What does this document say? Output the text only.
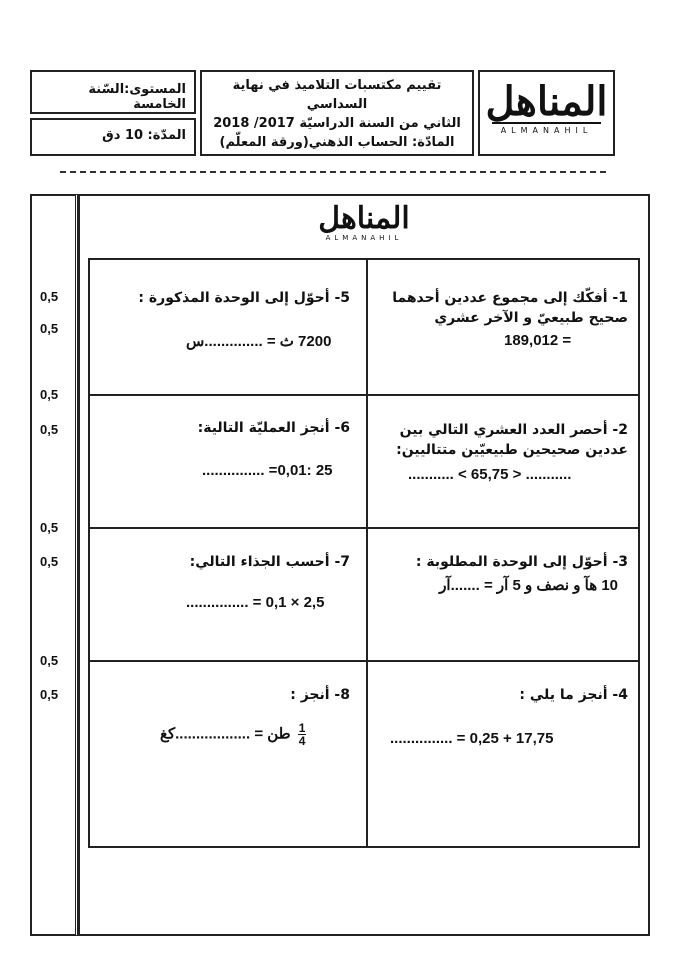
المناهل
ALMANAHIL
تقييم مكتسبات التلاميذ في نهاية السداسي
الثاني من السنة الدراسيّة 2017/ 2018
المادّة: الحساب الذهني(ورقة المعلّم)
المستوى:السّنة الخامسة
المدّة: 10 دق
0,5
0,5
0,5
0,5
0,5
0,5
0,5
0,5
المناهل
ALMANAHIL
1- أفكّك إلى مجموع عددين أحدهما
صحيح طبيعيّ و الآخر عشري
189,012 =
2- أحصر العدد العشري التالي بين
عددين صحيحين طبيعيّين متتاليين:
........... < 65,75 > ...........
3- أحوّل إلى الوحدة المطلوبة :
10 هآ و نصف و 5 آر = .......آر
4- أنجز ما يلي :
17,75 + 0,25 = ...............
5- أحوّل إلى الوحدة المذكورة :
7200 ث = ..............س
6- أنجز العمليّة التالية:
25 :0,01= ...............
7- أحسب الجذاء التالي:
2,5 × 0,1 = ...............
8- أنجز :
$\frac{1}{4}$
طن = ..................كغ
